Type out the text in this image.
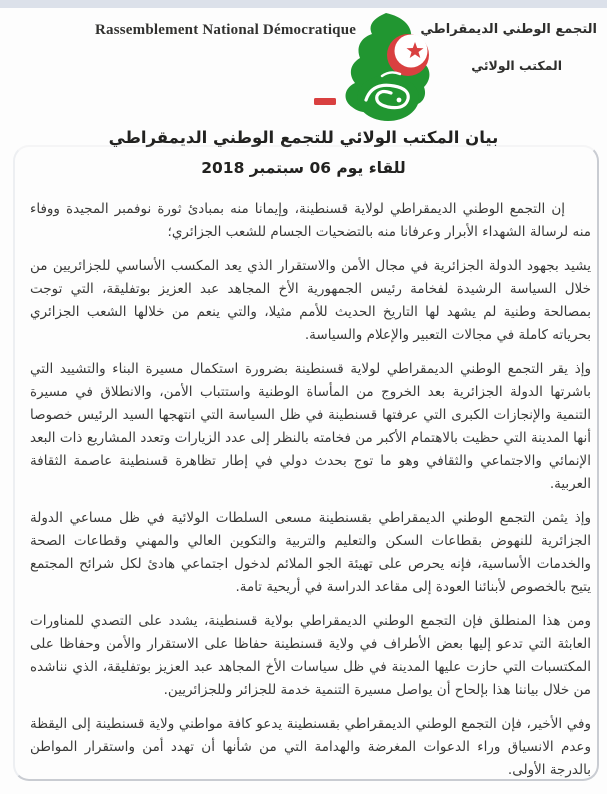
Rassemblement National Démocratique	التجمع الوطني الديمقراطي
المكتب الولائي

بيان المكتب الولائي للتجمع الوطني الديمقراطي

للقاء يوم 06 سبتمبر 2018

إن التجمع الوطني الديمقراطي لولاية قسنطينة، وإيمانا منه بمبادئ ثورة نوفمبر المجيدة ووفاء منه لرسالة الشهداء الأبرار وعرفانا منه بالتضحيات الجسام للشعب الجزائري؛

يشيد بجهود الدولة الجزائرية في مجال الأمن والاستقرار الذي يعد المكسب الأساسي للجزائريين من خلال السياسة الرشيدة لفخامة رئيس الجمهورية الأخ المجاهد عبد العزيز بوتفليقة، التي توجت بمصالحة وطنية لم يشهد لها التاريخ الحديث للأمم مثيلا، والتي ينعم من خلالها الشعب الجزائري بحرياته كاملة في مجالات التعبير والإعلام والسياسة.

وإذ يقر التجمع الوطني الديمقراطي لولاية قسنطينة بضرورة استكمال مسيرة البناء والتشييد التي باشرتها الدولة الجزائرية بعد الخروج من المأساة الوطنية واستتباب الأمن، والانطلاق في مسيرة التنمية والإنجازات الكبرى التي عرفتها قسنطينة في ظل السياسة التي انتهجها السيد الرئيس خصوصا أنها المدينة التي حظيت بالاهتمام الأكبر من فخامته بالنظر إلى عدد الزيارات وتعدد المشاريع ذات البعد الإنمائي والاجتماعي والثقافي وهو ما توج بحدث دولي في إطار تظاهرة قسنطينة عاصمة الثقافة العربية.

وإذ يثمن التجمع الوطني الديمقراطي بقسنطينة مسعى السلطات الولائية في ظل مساعي الدولة الجزائرية للنهوض بقطاعات السكن والتعليم والتربية والتكوين العالي والمهني وقطاعات الصحة والخدمات الأساسية، فإنه يحرص على تهيئة الجو الملائم لدخول اجتماعي هادئ لكل شرائح المجتمع يتيح بالخصوص لأبنائنا العودة إلى مقاعد الدراسة في أريحية تامة.

ومن هذا المنطلق فإن التجمع الوطني الديمقراطي بولاية قسنطينة، يشدد على التصدي للمناورات العابثة التي تدعو إليها بعض الأطراف في ولاية قسنطينة حفاظا على الاستقرار والأمن وحفاظا على المكتسبات التي حازت عليها المدينة في ظل سياسات الأخ المجاهد عبد العزيز بوتفليقة، الذي نناشده من خلال بياننا هذا بإلحاح أن يواصل مسيرة التنمية خدمة للجزائر وللجزائريين.

وفي الأخير، فإن التجمع الوطني الديمقراطي بقسنطينة يدعو كافة مواطني ولاية قسنطينة إلى اليقظة وعدم الانسياق وراء الدعوات المغرضة والهدامة التي من شأنها أن تهدد أمن واستقرار المواطن بالدرجة الأولى.
